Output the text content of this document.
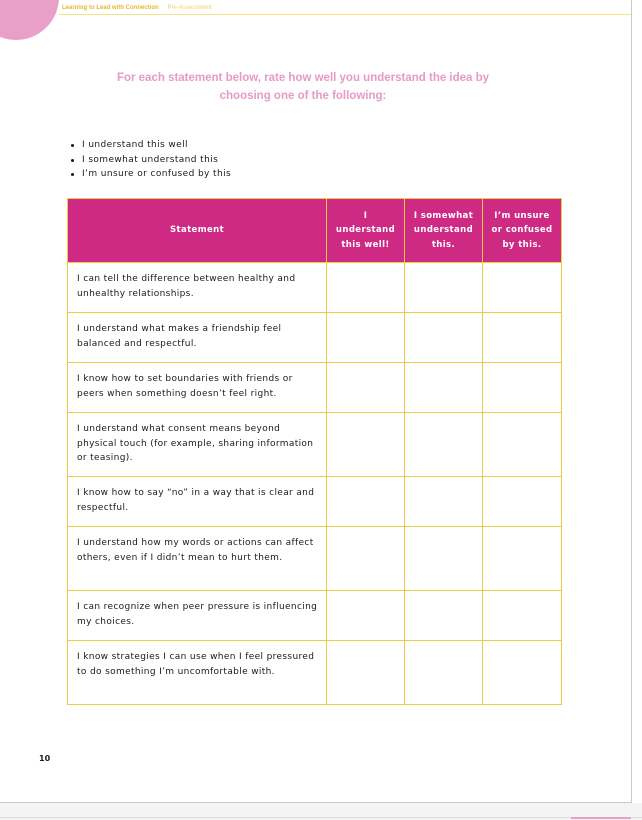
Learning to Lead with Connection Pre-Assessment
For each statement below, rate how well you understand the idea by
choosing one of the following:
I understand this well
I somewhat understand this
I’m unsure or confused by this
Statement	I understand this well!	I somewhat understand this.	I’m unsure or confused by this.
I can tell the difference between healthy and unhealthy relationships.			
I understand what makes a friendship feel balanced and respectful.			
I know how to set boundaries with friends or peers when something doesn’t feel right.			
I understand what consent means beyond physical touch (for example, sharing information or teasing).			
I know how to say “no” in a way that is clear and respectful.			
I understand how my words or actions can affect others, even if I didn’t mean to hurt them.			
I can recognize when peer pressure is influencing my choices.			
I know strategies I can use when I feel pressured to do something I’m uncomfortable with.			
10
